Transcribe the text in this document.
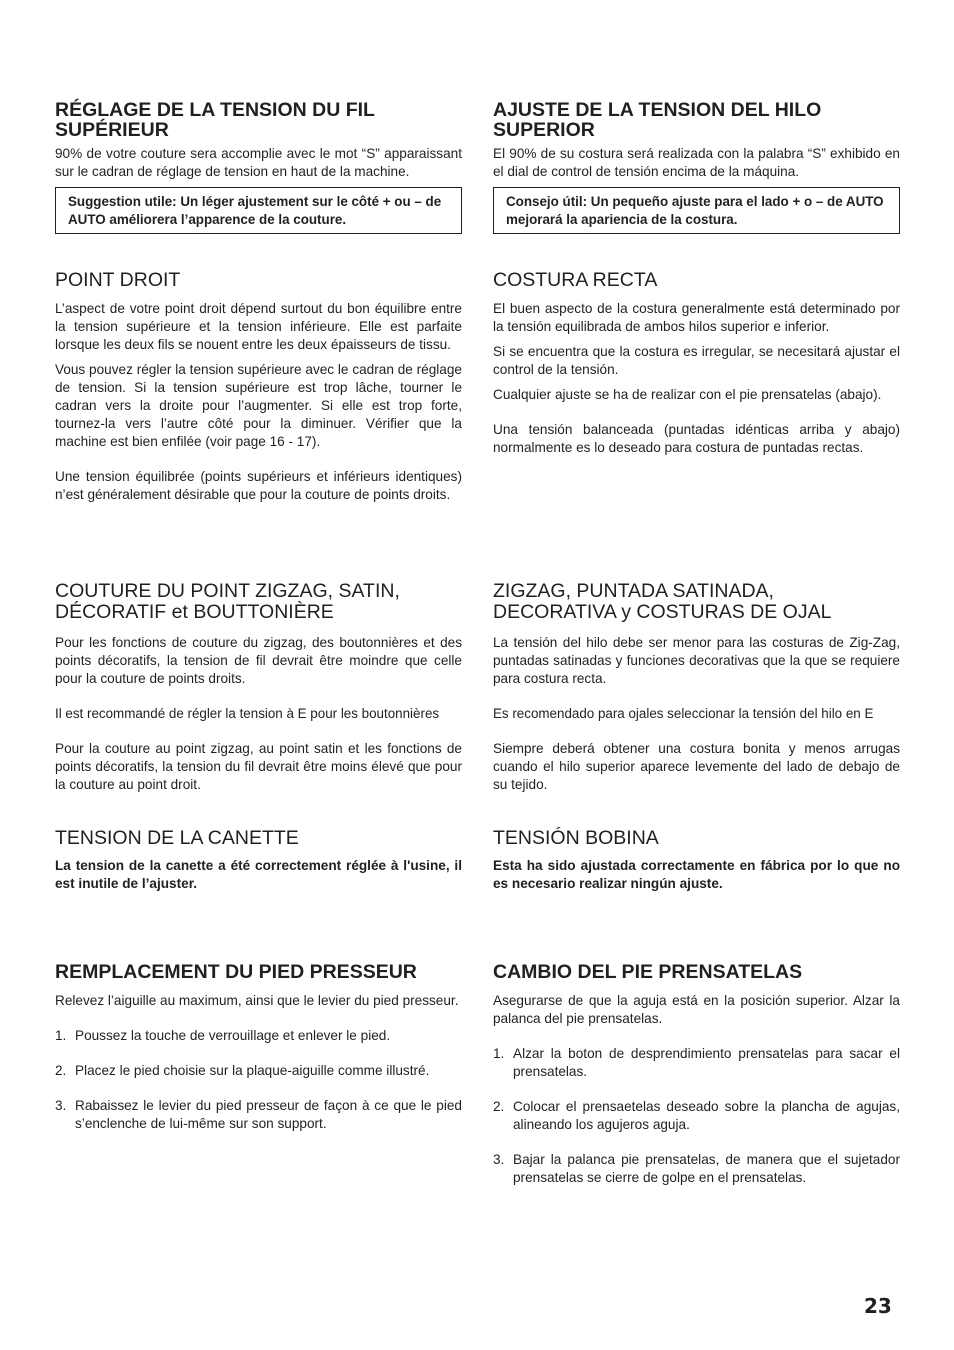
RÉGLAGE DE LA TENSION DU FIL SUPÉRIEUR

90% de votre couture sera accomplie avec le mot “S” apparaissant sur le cadran de réglage de tension en haut de la machine.

Suggestion utile: Un léger ajustement sur le côté + ou – de AUTO améliorera l’apparence de la couture.
POINT DROIT

L’aspect de votre point droit dépend surtout du bon équilibre entre la tension supérieure et la tension inférieure. Elle est parfaite lorsque les deux fils se nouent entre les deux épaisseurs de tissu.

Vous pouvez régler la tension supérieure avec le cadran de réglage de tension. Si la tension supérieure est trop lâche, tourner le cadran vers la droite pour l’augmenter. Si elle est trop forte, tournez-la vers l’autre côté pour la diminuer. Vérifier que la machine est bien enfilée (voir page 16 - 17).

Une tension équilibrée (points supérieurs et inférieurs identiques) n’est généralement désirable que pour la couture de points droits.

COUTURE DU POINT ZIGZAG, SATIN, DÉCORATIF et BOUTTONIÈRE

Pour les fonctions de couture du zigzag, des boutonnières et des points décoratifs, la tension de fil devrait être moindre que celle pour la couture de points droits.

Il est recommandé de régler la tension à E pour les boutonnières

Pour la couture au point zigzag, au point satin et les fonctions de points décoratifs, la tension du fil devrait être moins élevé que pour la couture au point droit.

TENSION DE LA CANETTE

La tension de la canette a été correctement réglée à l'usine, il est inutile de l’ajuster.

REMPLACEMENT DU PIED PRESSEUR

Relevez l’aiguille au maximum, ainsi que le levier du pied presseur.

1. Poussez la touche de verrouillage et enlever le pied.
2. Placez le pied choisie sur la plaque-aiguille comme illustré.
3. Rabaissez le levier du pied presseur de façon à ce que le pied s’enclenche de lui-même sur son support.
AJUSTE DE LA TENSION DEL HILO SUPERIOR

El 90% de su costura será realizada con la palabra “S” exhibido en el dial de control de tensión encima de la máquina.

Consejo útil: Un pequeño ajuste para el lado + o – de AUTO mejorará la apariencia de la costura.
COSTURA RECTA

El buen aspecto de la costura generalmente está determinado por la tensión equilibrada de ambos hilos superior e inferior.

Si se encuentra que la costura es irregular, se necesitará ajustar el control de la tensión.

Cualquier ajuste se ha de realizar con el pie prensatelas (abajo).

Una tensión balanceada (puntadas idénticas arriba y abajo) normalmente es lo deseado para costura de puntadas rectas.

ZIGZAG, PUNTADA SATINADA, DECORATIVA y COSTURAS DE OJAL

La tensión del hilo debe ser menor para las costuras de Zig-Zag, puntadas satinadas y funciones decorativas que la que se requiere para costura recta.

Es recomendado para ojales seleccionar la tensión del hilo en E

Siempre deberá obtener una costura bonita y menos arrugas cuando el hilo superior aparece levemente del lado de debajo de su tejido.

TENSIÓN BOBINA

Esta ha sido ajustada correctamente en fábrica por lo que no es necesario realizar ningún ajuste.

CAMBIO DEL PIE PRENSATELAS

Asegurarse de que la aguja está en la posición superior. Alzar la palanca del pie prensatelas.

1. Alzar la boton de desprendimiento prensatelas para sacar el prensatelas.
2. Colocar el prensaetelas deseado sobre la plancha de agujas, alineando los agujeros aguja.
3. Bajar la palanca pie prensatelas, de manera que el sujetador prensatelas se cierre de golpe en el prensatelas.
23
